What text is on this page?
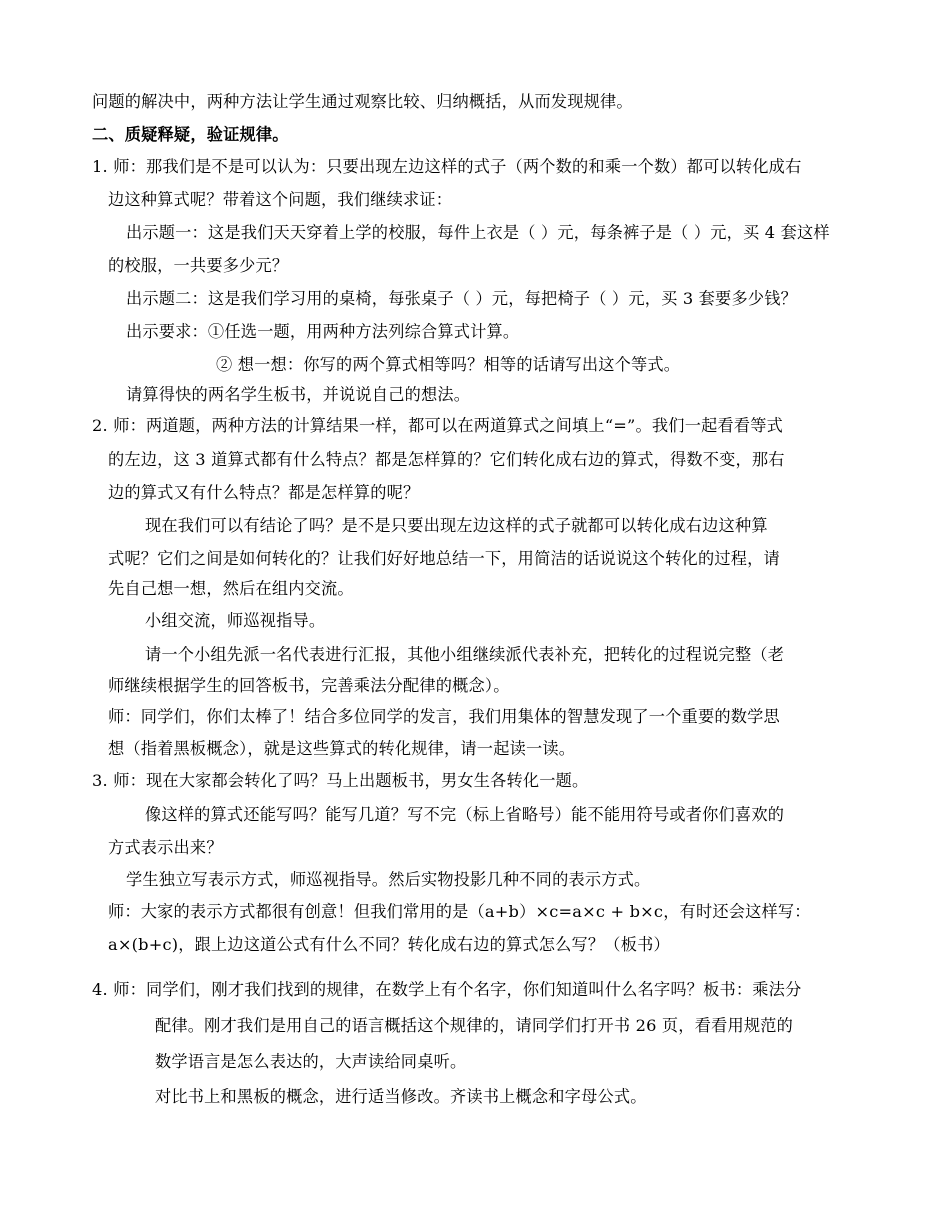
问题的解决中，两种方法让学生通过观察比较、归纳概括，从而发现规律。
二、质疑释疑，验证规律。
1. 师：那我们是不是可以认为：只要出现左边这样的式子（两个数的和乘一个数）都可以转化成右
边这种算式呢？带着这个问题，我们继续求证：
出示题一：这是我们天天穿着上学的校服，每件上衣是（ ）元，每条裤子是（ ）元，买 4 套这样
的校服，一共要多少元？
出示题二：这是我们学习用的桌椅，每张桌子（ ）元，每把椅子（ ）元，买 3 套要多少钱？
出示要求：①任选一题，用两种方法列综合算式计算。
② 想一想：你写的两个算式相等吗？相等的话请写出这个等式。
请算得快的两名学生板书，并说说自己的想法。
2. 师：两道题，两种方法的计算结果一样，都可以在两道算式之间填上“=”。我们一起看看等式
的左边，这 3 道算式都有什么特点？都是怎样算的？它们转化成右边的算式，得数不变，那右
边的算式又有什么特点？都是怎样算的呢？
现在我们可以有结论了吗？是不是只要出现左边这样的式子就都可以转化成右边这种算
式呢？它们之间是如何转化的？让我们好好地总结一下，用简洁的话说说这个转化的过程，请
先自己想一想，然后在组内交流。
小组交流，师巡视指导。
请一个小组先派一名代表进行汇报，其他小组继续派代表补充，把转化的过程说完整（老
师继续根据学生的回答板书，完善乘法分配律的概念）。
师：同学们，你们太棒了！结合多位同学的发言，我们用集体的智慧发现了一个重要的数学思
想（指着黑板概念），就是这些算式的转化规律，请一起读一读。
3. 师：现在大家都会转化了吗？马上出题板书，男女生各转化一题。
像这样的算式还能写吗？能写几道？写不完（标上省略号）能不能用符号或者你们喜欢的
方式表示出来？
学生独立写表示方式，师巡视指导。然后实物投影几种不同的表示方式。
师：大家的表示方式都很有创意！但我们常用的是（a+b）×c=a×c + b×c，有时还会这样写：
a×(b+c)，跟上边这道公式有什么不同？转化成右边的算式怎么写？（板书）
4. 师：同学们，刚才我们找到的规律，在数学上有个名字，你们知道叫什么名字吗？板书：乘法分
配律。刚才我们是用自己的语言概括这个规律的，请同学们打开书 26 页，看看用规范的
数学语言是怎么表达的，大声读给同桌听。
对比书上和黑板的概念，进行适当修改。齐读书上概念和字母公式。
